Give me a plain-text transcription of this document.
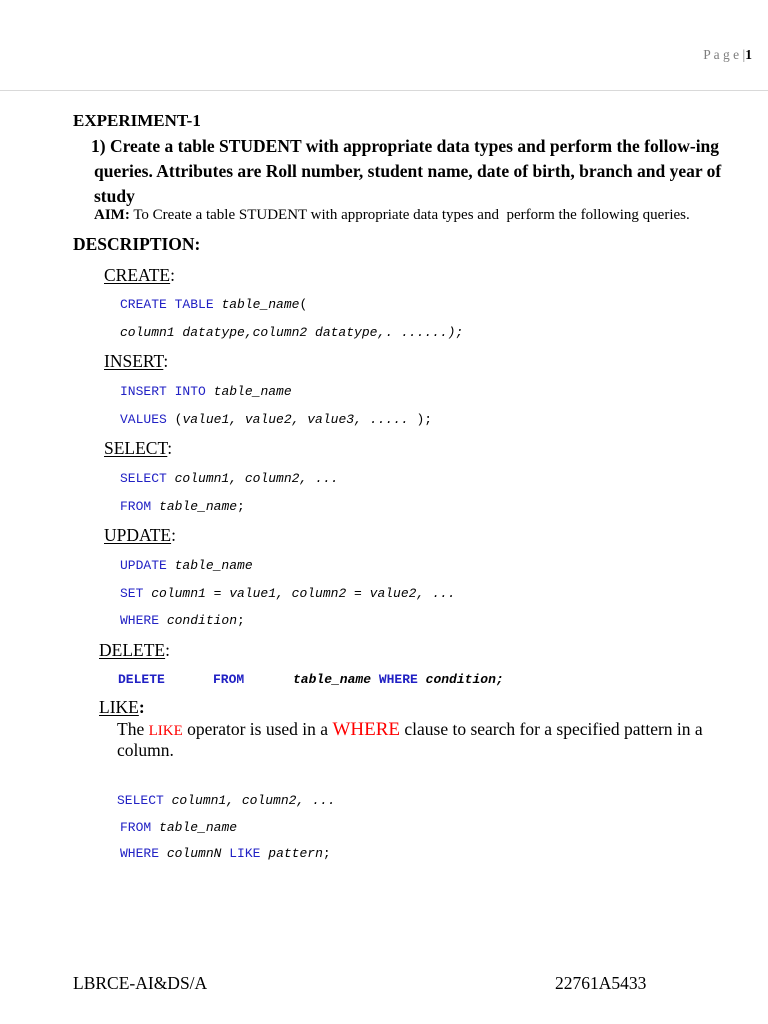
P a g e |1
EXPERIMENT-1
1) Create a table STUDENT with appropriate data types and perform the follow-ing
queries. Attributes are Roll number, student name, date of birth, branch and year of
study
AIM: To Create a table STUDENT with appropriate data types and  perform the following queries.
DESCRIPTION:
CREATE:
CREATE TABLE table_name(
column1 datatype,column2 datatype,. ......);
INSERT:
INSERT INTO table_name
VALUES (value1, value2, value3, ..... );
SELECT:
SELECT column1, column2, ...
FROM table_name;
UPDATE:
UPDATE table_name
SET column1 = value1, column2 = value2, ...
WHERE condition;
DELETE:
DELETE	FROM	table_name WHERE condition;
LIKE:
The LIKE operator is used in a WHERE clause to search for a specified pattern in a
column.
SELECT column1, column2, ...
FROM table_name
WHERE columnN LIKE pattern;
LBRCE-AI&DS/A	22761A5433
